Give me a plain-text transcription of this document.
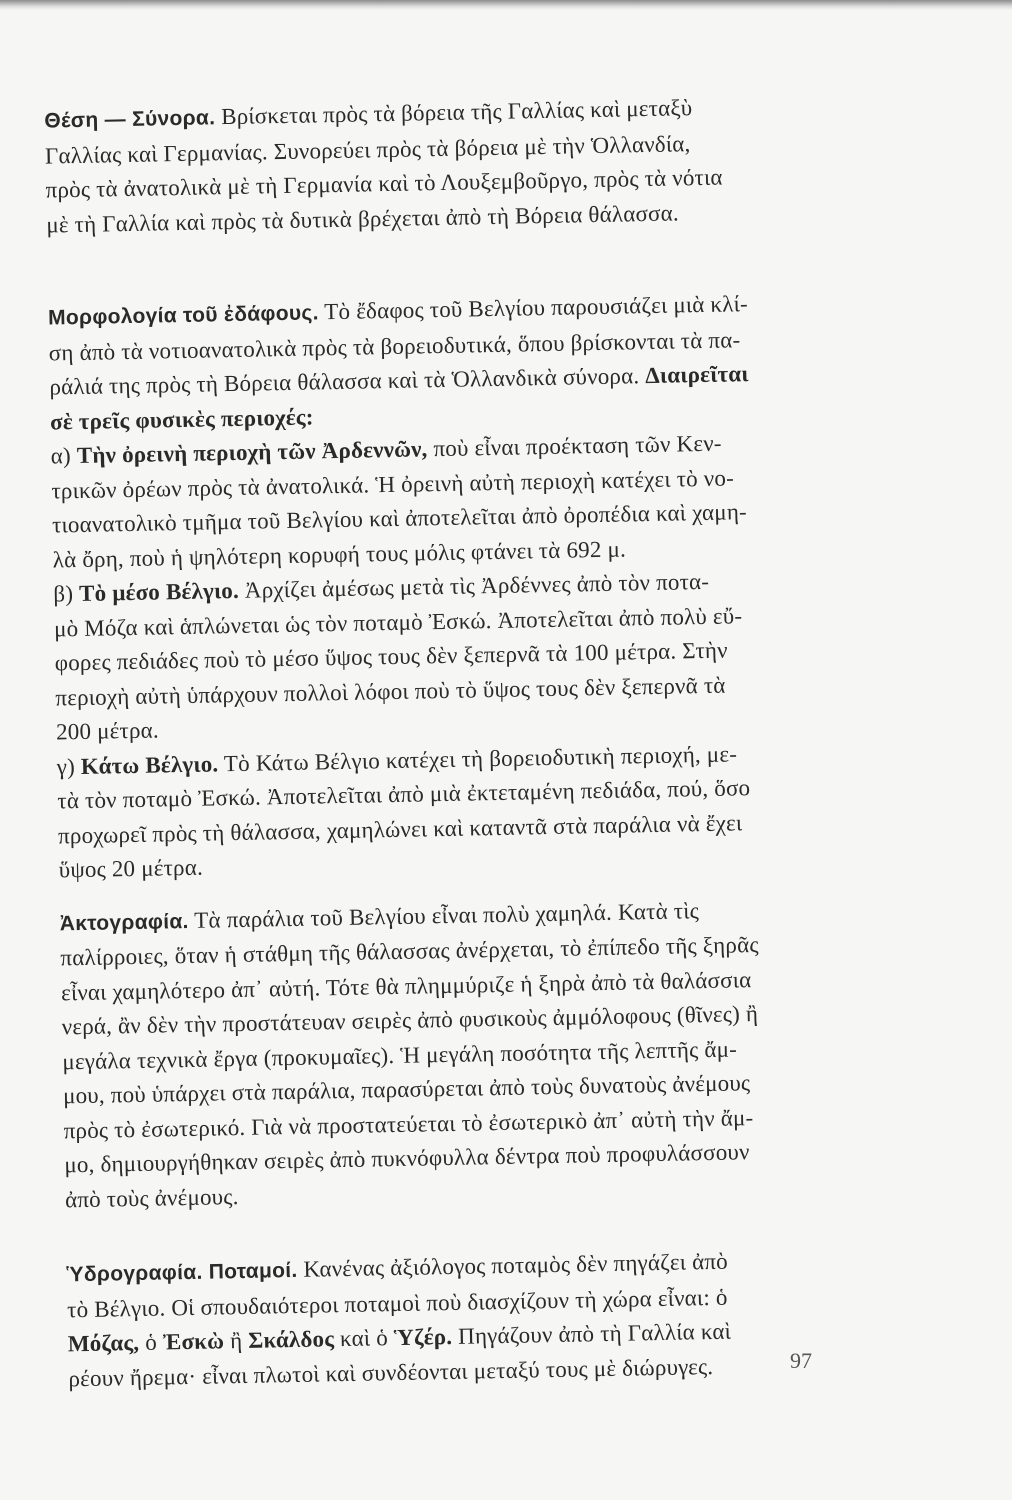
Θέση — Σύνορα. Βρίσκεται πρὸς τὰ βόρεια τῆς Γαλλίας καὶ μεταξὺ
Γαλλίας καὶ Γερμανίας. Συνορεύει πρὸς τὰ βόρεια μὲ τὴν Ὁλλανδία,
πρὸς τὰ ἀνατολικὰ μὲ τὴ Γερμανία καὶ τὸ Λουξεμβοῦργο, πρὸς τὰ νότια
μὲ τὴ Γαλλία καὶ πρὸς τὰ δυτικὰ βρέχεται ἀπὸ τὴ Βόρεια θάλασσα.

Μορφολογία τοῦ ἐδάφους. Τὸ ἔδαφος τοῦ Βελγίου παρουσιάζει μιὰ κλί-
ση ἀπὸ τὰ νοτιοανατολικὰ πρὸς τὰ βορειοδυτικά, ὅπου βρίσκονται τὰ πα-
ράλιά της πρὸς τὴ Βόρεια θάλασσα καὶ τὰ Ὁλλανδικὰ σύνορα. Διαιρεῖται
σὲ τρεῖς φυσικὲς περιοχές:

α) Τὴν ὀρεινὴ περιοχὴ τῶν Ἀρδεννῶν, ποὺ εἶναι προέκταση τῶν Κεν-
τρικῶν ὀρέων πρὸς τὰ ἀνατολικά. Ἡ ὀρεινὴ αὐτὴ περιοχὴ κατέχει τὸ νο-
τιοανατολικὸ τμῆμα τοῦ Βελγίου καὶ ἀποτελεῖται ἀπὸ ὀροπέδια καὶ χαμη-
λὰ ὄρη, ποὺ ἡ ψηλότερη κορυφή τους μόλις φτάνει τὰ 692 μ.

β) Τὸ μέσο Βέλγιο. Ἀρχίζει ἀμέσως μετὰ τὶς Ἀρδέννες ἀπὸ τὸν ποτα-
μὸ Μόζα καὶ ἁπλώνεται ὡς τὸν ποταμὸ Ἐσκώ. Ἀποτελεῖται ἀπὸ πολὺ εὔ-
φορες πεδιάδες ποὺ τὸ μέσο ὕψος τους δὲν ξεπερνᾶ τὰ 100 μέτρα. Στὴν
περιοχὴ αὐτὴ ὑπάρχουν πολλοὶ λόφοι ποὺ τὸ ὕψος τους δὲν ξεπερνᾶ τὰ
200 μέτρα.

γ) Κάτω Βέλγιο. Τὸ Κάτω Βέλγιο κατέχει τὴ βορειοδυτικὴ περιοχή, με-
τὰ τὸν ποταμὸ Ἐσκώ. Ἀποτελεῖται ἀπὸ μιὰ ἐκτεταμένη πεδιάδα, πού, ὅσο
προχωρεῖ πρὸς τὴ θάλασσα, χαμηλώνει καὶ καταντᾶ στὰ παράλια νὰ ἔχει
ὕψος 20 μέτρα.

Ἀκτογραφία. Τὰ παράλια τοῦ Βελγίου εἶναι πολὺ χαμηλά. Κατὰ τὶς
παλίρροιες, ὅταν ἡ στάθμη τῆς θάλασσας ἀνέρχεται, τὸ ἐπίπεδο τῆς ξηρᾶς
εἶναι χαμηλότερο ἀπ᾽ αὐτή. Τότε θὰ πλημμύριζε ἡ ξηρὰ ἀπὸ τὰ θαλάσσια
νερά, ἂν δὲν τὴν προστάτευαν σειρὲς ἀπὸ φυσικοὺς ἀμμόλοφους (θῖνες) ἢ
μεγάλα τεχνικὰ ἔργα (προκυμαῖες). Ἡ μεγάλη ποσότητα τῆς λεπτῆς ἄμ-
μου, ποὺ ὑπάρχει στὰ παράλια, παρασύρεται ἀπὸ τοὺς δυνατοὺς ἀνέμους
πρὸς τὸ ἐσωτερικό. Γιὰ νὰ προστατεύεται τὸ ἐσωτερικὸ ἀπ᾽ αὐτὴ τὴν ἄμ-
μο, δημιουργήθηκαν σειρὲς ἀπὸ πυκνόφυλλα δέντρα ποὺ προφυλάσσουν
ἀπὸ τοὺς ἀνέμους.

Ὑδρογραφία. Ποταμοί. Κανένας ἀξιόλογος ποταμὸς δὲν πηγάζει ἀπὸ
τὸ Βέλγιο. Οἱ σπουδαιότεροι ποταμοὶ ποὺ διασχίζουν τὴ χώρα εἶναι: ὁ
Μόζας, ὁ Ἐσκὼ ἢ Σκάλδος καὶ ὁ Ὑζέρ. Πηγάζουν ἀπὸ τὴ Γαλλία καὶ
ρέουν ἤρεμα· εἶναι πλωτοὶ καὶ συνδέονται μεταξύ τους μὲ διώρυγες.	97
